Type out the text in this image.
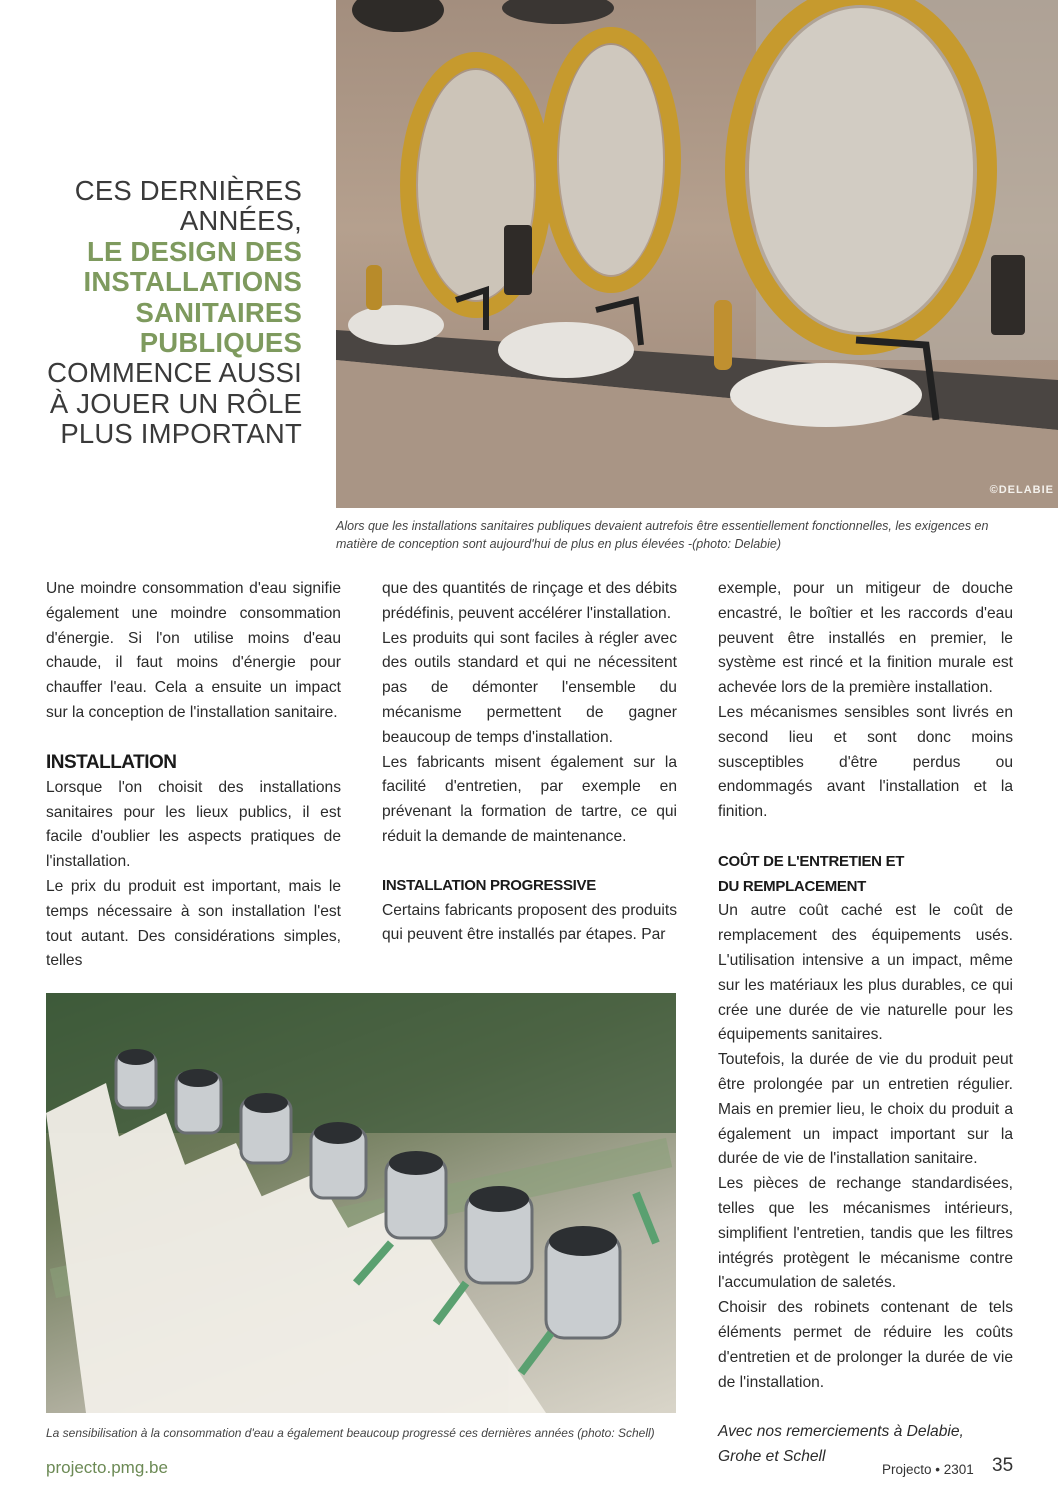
CES DERNIÈRES
ANNÉES,
LE DESIGN DES
INSTALLATIONS
SANITAIRES
PUBLIQUES
COMMENCE AUSSI
À JOUER UN RÔLE
PLUS IMPORTANT
©DELABIE
Alors que les installations sanitaires publiques devaient autrefois être essentiellement fonctionnelles, les exigences en matière de conception sont aujourd'hui de plus en plus élevées -(photo: Delabie)

Une moindre consommation d'eau signifie également une moindre consommation d'énergie. Si l'on utilise moins d'eau chaude, il faut moins d'énergie pour chauffer l'eau. Cela a ensuite un impact sur la conception de l'installation sanitaire.

INSTALLATION

Lorsque l'on choisit des installations sanitaires pour les lieux publics, il est facile d'oublier les aspects pratiques de l'installation.

Le prix du produit est important, mais le temps nécessaire à son installation l'est tout autant. Des considérations simples, telles

que des quantités de rinçage et des débits prédéfinis, peuvent accélérer l'installation.

Les produits qui sont faciles à régler avec des outils standard et qui ne nécessitent pas de démonter l'ensemble du mécanisme permettent de gagner beaucoup de temps d'installation.

Les fabricants misent également sur la facilité d'entretien, par exemple en prévenant la formation de tartre, ce qui réduit la demande de maintenance.

INSTALLATION PROGRESSIVE

Certains fabricants proposent des produits qui peuvent être installés par étapes. Par

exemple, pour un mitigeur de douche encastré, le boîtier et les raccords d'eau peuvent être installés en premier, le système est rincé et la finition murale est achevée lors de la première installation.

Les mécanismes sensibles sont livrés en second lieu et sont donc moins susceptibles d'être perdus ou endommagés avant l'installation et la finition.

COÛT DE L'ENTRETIEN ET
DU REMPLACEMENT

Un autre coût caché est le coût de remplacement des équipements usés. L'utilisation intensive a un impact, même sur les matériaux les plus durables, ce qui crée une durée de vie naturelle pour les équipements sanitaires.

Toutefois, la durée de vie du produit peut être prolongée par un entretien régulier. Mais en premier lieu, le choix du produit a également un impact important sur la durée de vie de l'installation sanitaire.

Les pièces de rechange standardisées, telles que les mécanismes intérieurs, simplifient l'entretien, tandis que les filtres intégrés protègent le mécanisme contre l'accumulation de saletés.

Choisir des robinets contenant de tels éléments permet de réduire les coûts d'entretien et de prolonger la durée de vie de l'installation.

Avec nos remerciements à Delabie,
Grohe et Schell

La sensibilisation à la consommation d'eau a également beaucoup progressé ces dernières années (photo: Schell)
projecto.pmg.be	Projecto • 2301 35
